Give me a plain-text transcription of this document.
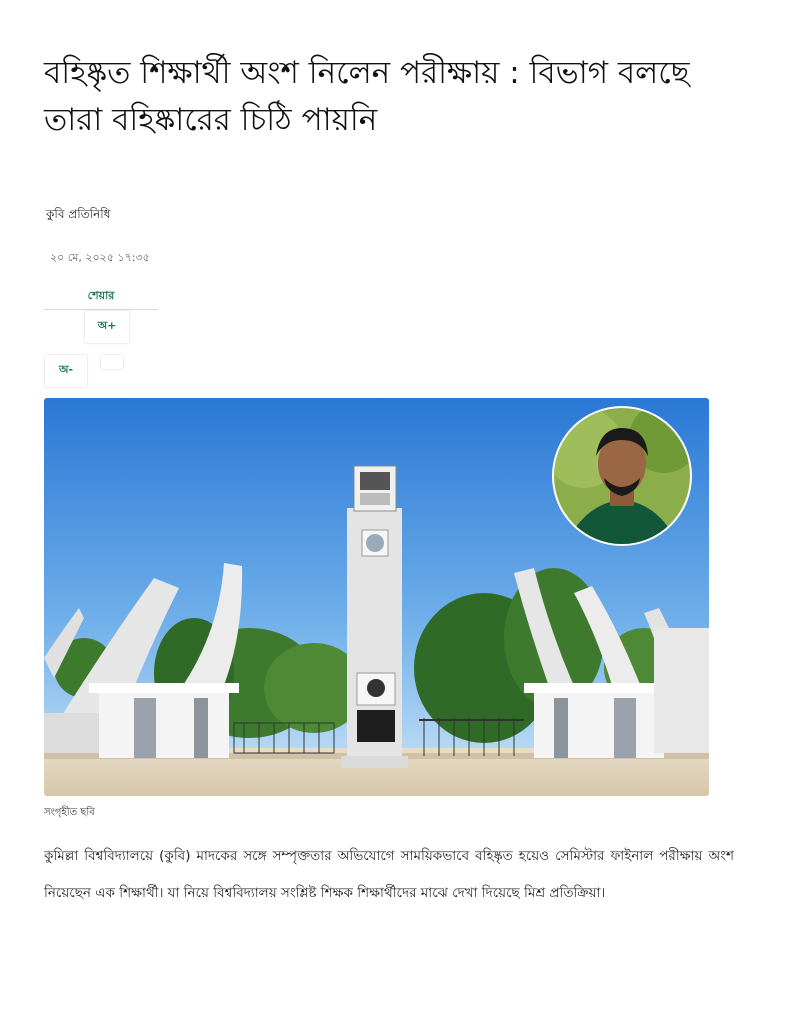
বহিষ্কৃত শিক্ষার্থী অংশ নিলেন পরীক্ষায় : বিভাগ বলছে তারা বহিষ্কারের চিঠি পায়নি
কুবি প্রতিনিধি
২০ মে, ২০২৫ ১৭:৩৫
শেয়ার
অ+
অ-
সংগৃহীত ছবি

কুমিল্লা বিশ্ববিদ্যালয়ে (কুবি) মাদকের সঙ্গে সম্পৃক্ততার অভিযোগে সাময়িকভাবে বহিষ্কৃত হয়েও সেমিস্টার ফাইনাল পরীক্ষায় অংশ নিয়েছেন এক শিক্ষার্থী। যা নিয়ে বিশ্ববিদ্যালয় সংশ্লিষ্ট শিক্ষক শিক্ষার্থীদের মাঝে দেখা দিয়েছে মিশ্র প্রতিক্রিয়া।
